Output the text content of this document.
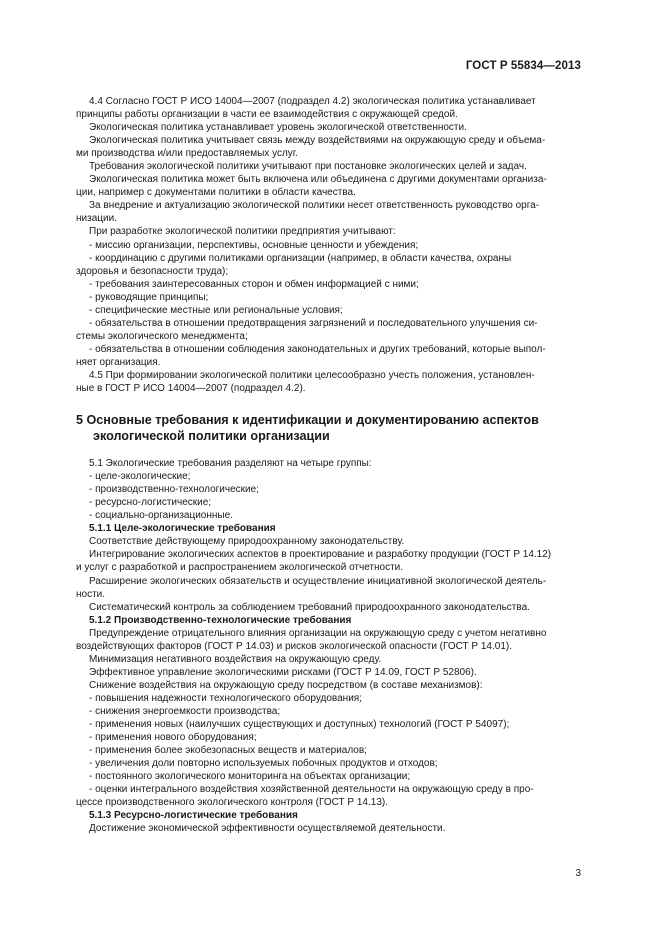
ГОСТ Р 55834—2013
4.4 Согласно ГОСТ Р ИСО 14004—2007 (подраздел 4.2) экологическая политика устанавливает
принципы работы организации в части ее взаимодействия с окружающей средой.
Экологическая политика устанавливает уровень экологической ответственности.
Экологическая политика учитывает связь между воздействиями на окружающую среду и объема-
ми производства и/или предоставляемых услуг.
Требования экологической политики учитывают при постановке экологических целей и задач.
Экологическая политика может быть включена или объединена с другими документами организа-
ции, например с документами политики в области качества.
За внедрение и актуализацию экологической политики несет ответственность руководство орга-
низации.
При разработке экологической политики предприятия учитывают:
- миссию организации, перспективы, основные ценности и убеждения;
- координацию с другими политиками организации (например, в области качества, охраны
здоровья и безопасности труда);
- требования заинтересованных сторон и обмен информацией с ними;
- руководящие принципы;
- специфические местные или региональные условия;
- обязательства в отношении предотвращения загрязнений и последовательного улучшения си-
стемы экологического менеджмента;
- обязательства в отношении соблюдения законодательных и других требований, которые выпол-
няет организация.
4.5 При формировании экологической политики целесообразно учесть положения, установлен-
ные в ГОСТ Р ИСО 14004—2007 (подраздел 4.2).
5 Основные требования к идентификации и документированию аспектов
экологической политики организации
5.1 Экологические требования разделяют на четыре группы:
- целе-экологические;
- производственно-технологические;
- ресурсно-логистические;
- социально-организационные.
5.1.1 Целе-экологические требования
Соответствие действующему природоохранному законодательству.
Интегрирование экологических аспектов в проектирование и разработку продукции (ГОСТ Р 14.12)
и услуг с разработкой и распространением экологической отчетности.
Расширение экологических обязательств и осуществление инициативной экологической деятель-
ности.
Систематический контроль за соблюдением требований природоохранного законодательства.
5.1.2 Производственно-технологические требования
Предупреждение отрицательного влияния организации на окружающую среду с учетом негативно
воздействующих факторов (ГОСТ Р 14.03) и рисков экологической опасности (ГОСТ Р 14.01).
Минимизация негативного воздействия на окружающую среду.
Эффективное управление экологическими рисками (ГОСТ Р 14.09, ГОСТ Р 52806).
Снижение воздействия на окружающую среду посредством (в составе механизмов):
- повышения надежности технологического оборудования;
- снижения энергоемкости производства;
- применения новых (наилучших существующих и доступных) технологий (ГОСТ Р 54097);
- применения нового оборудования;
- применения более экобезопасных веществ и материалов;
- увеличения доли повторно используемых побочных продуктов и отходов;
- постоянного экологического мониторинга на объектах организации;
- оценки интегрального воздействия хозяйственной деятельности на окружающую среду в про-
цессе производственного экологического контроля (ГОСТ Р 14.13).
5.1.3 Ресурсно-логистические требования
Достижение экономической эффективности осуществляемой деятельности.
3
